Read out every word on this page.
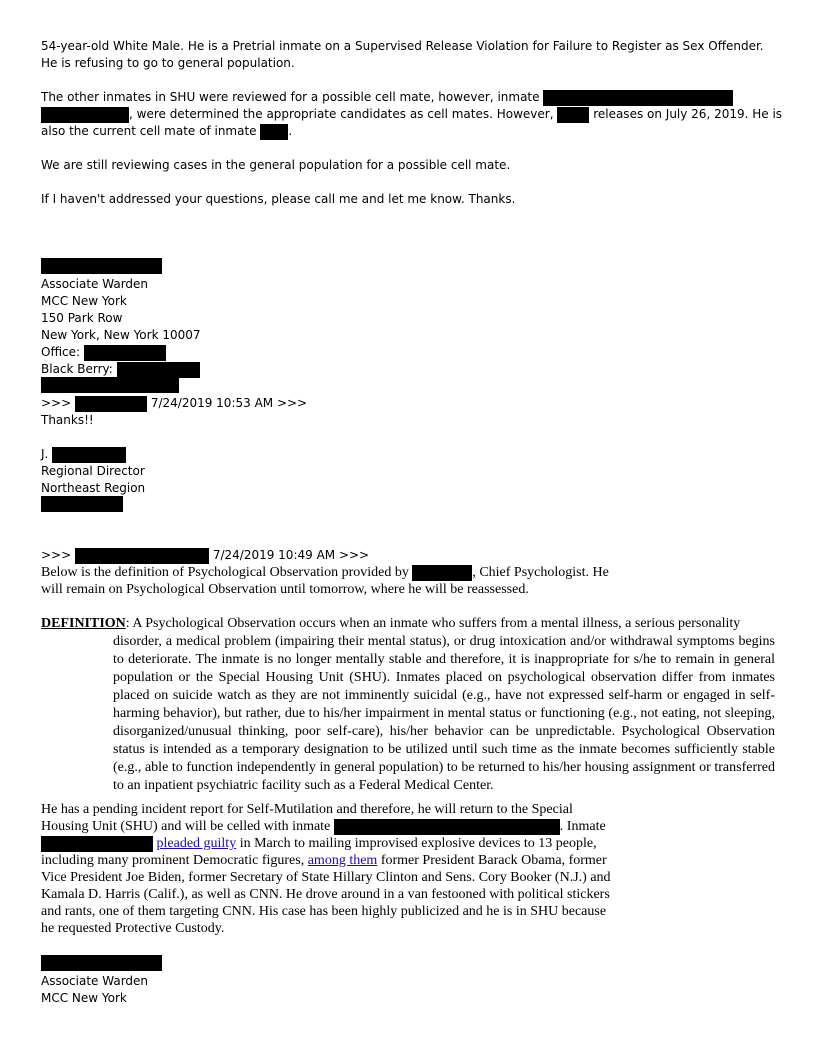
54-year-old White Male. He is a Pretrial inmate on a Supervised Release Violation for Failure to Register as Sex Offender.
He is refusing to go to general population.
The other inmates in SHU were reviewed for a possible cell mate, however, inmate
, were determined the appropriate candidates as cell mates. However,	releases on July 26, 2019. He is
also the current cell mate of inmate	.
We are still reviewing cases in the general population for a possible cell mate.
If I haven't addressed your questions, please call me and let me know. Thanks.
Associate Warden
MCC New York
150 Park Row
New York, New York 10007
Office:
Black Berry:
>>>	7/24/2019 10:53 AM >>>
Thanks!!
J.
Regional Director
Northeast Region
>>>	7/24/2019 10:49 AM >>>
Below is the definition of Psychological Observation provided by	, Chief Psychologist. He
will remain on Psychological Observation until tomorrow, where he will be reassessed.
DEFINITION: A Psychological Observation occurs when an inmate who suffers from a mental illness, a serious personality
disorder, a medical problem (impairing their mental status), or drug intoxication and/or withdrawal symptoms begins to deteriorate. The inmate is no longer mentally stable and therefore, it is inappropriate for s/he to remain in general population or the Special Housing Unit (SHU). Inmates placed on psychological observation differ from inmates placed on suicide watch as they are not imminently suicidal (e.g., have not expressed self-harm or engaged in self-harming behavior), but rather, due to his/her impairment in mental status or functioning (e.g., not eating, not sleeping, disorganized/unusual thinking, poor self-care), his/her behavior can be unpredictable. Psychological Observation status is intended as a temporary designation to be utilized until such time as the inmate becomes sufficiently stable (e.g., able to function independently in general population) to be returned to his/her housing assignment or transferred to an inpatient psychiatric facility such as a Federal Medical Center.
He has a pending incident report for Self-Mutilation and therefore, he will return to the Special
Housing Unit (SHU) and will be celled with inmate	. Inmate
pleaded guilty in March to mailing improvised explosive devices to 13 people,
including many prominent Democratic figures, among them former President Barack Obama, former
Vice President Joe Biden, former Secretary of State Hillary Clinton and Sens. Cory Booker (N.J.) and
Kamala D. Harris (Calif.), as well as CNN. He drove around in a van festooned with political stickers
and rants, one of them targeting CNN. His case has been highly publicized and he is in SHU because
he requested Protective Custody.
Associate Warden
MCC New York
